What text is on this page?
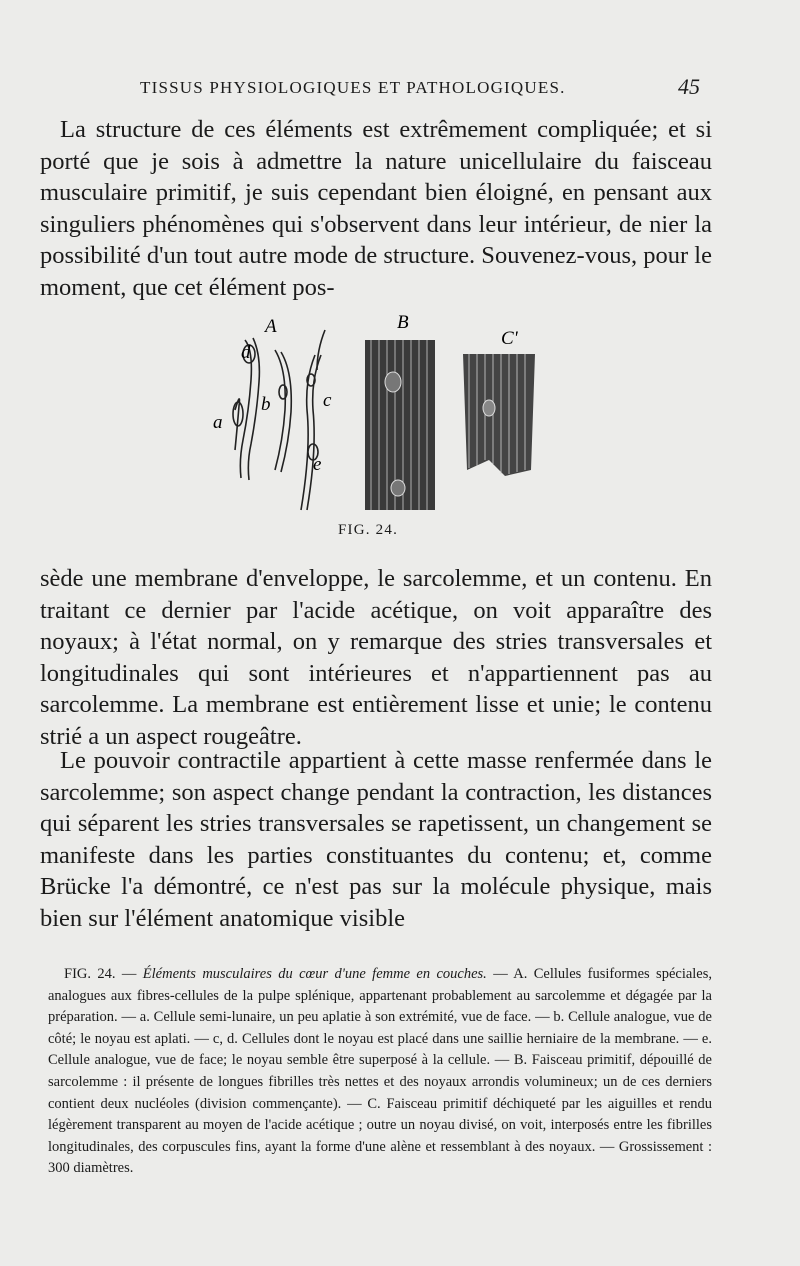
TISSUS PHYSIOLOGIQUES ET PATHOLOGIQUES.	45

La structure de ces éléments est extrêmement compliquée; et si porté que je sois à admettre la nature unicellulaire du faisceau musculaire primitif, je suis cependant bien éloigné, en pensant aux singuliers phénomènes qui s'observent dans leur intérieur, de nier la possibilité d'un tout autre mode de structure. Souvenez-vous, pour le moment, que cet élément pos-

A	B
C'
a
b	c
d
e
FIG. 24.

sède une membrane d'enveloppe, le sarcolemme, et un contenu. En traitant ce dernier par l'acide acétique, on voit apparaître des noyaux; à l'état normal, on y remarque des stries transversales et longitudinales qui sont intérieures et n'appartiennent pas au sarcolemme. La membrane est entièrement lisse et unie; le contenu strié a un aspect rougeâtre.

Le pouvoir contractile appartient à cette masse renfermée dans le sarcolemme; son aspect change pendant la contraction, les distances qui séparent les stries transversales se rapetissent, un changement se manifeste dans les parties constituantes du contenu; et, comme Brücke l'a démontré, ce n'est pas sur la molécule physique, mais bien sur l'élément anatomique visible

FIG. 24. — Éléments musculaires du cœur d'une femme en couches. — A. Cellules fusiformes spéciales, analogues aux fibres-cellules de la pulpe splénique, appartenant probablement au sarcolemme et dégagée par la préparation. — a. Cellule semi-lunaire, un peu aplatie à son extrémité, vue de face. — b. Cellule analogue, vue de côté; le noyau est aplati. — c, d. Cellules dont le noyau est placé dans une saillie herniaire de la membrane. — e. Cellule analogue, vue de face; le noyau semble être superposé à la cellule. — B. Faisceau primitif, dépouillé de sarcolemme : il présente de longues fibrilles très nettes et des noyaux arrondis volumineux; un de ces derniers contient deux nucléoles (division commençante). — C. Faisceau primitif déchiqueté par les aiguilles et rendu légèrement transparent au moyen de l'acide acétique ; outre un noyau divisé, on voit, interposés entre les fibrilles longitudinales, des corpuscules fins, ayant la forme d'une alène et ressemblant à des noyaux. — Grossissement : 300 diamètres.
